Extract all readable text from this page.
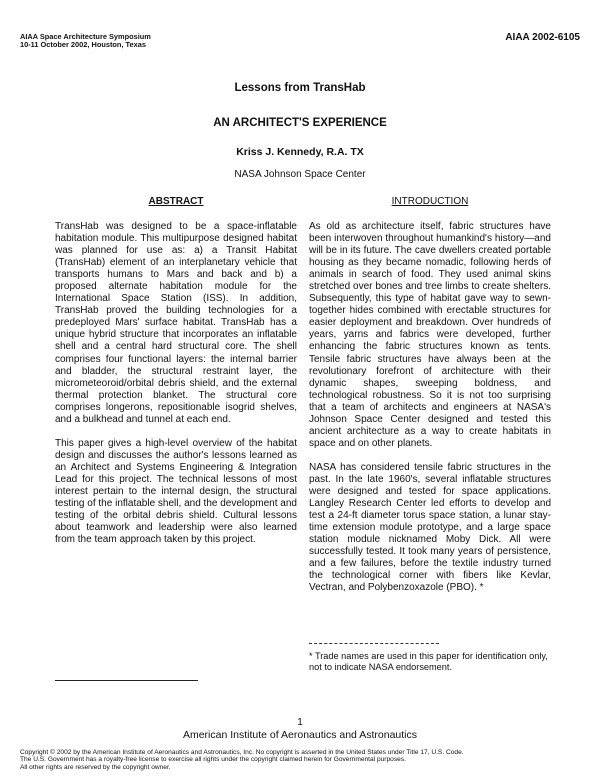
AIAA Space Architecture Symposium
10-11 October 2002, Houston, Texas
AIAA 2002-6105
Lessons from TransHab
AN ARCHITECT'S EXPERIENCE
Kriss J. Kennedy, R.A. TX
NASA Johnson Space Center
ABSTRACT

TransHab was designed to be a space-inflatable habitation module. This multipurpose designed habitat was planned for use as: a) a Transit Habitat (TransHab) element of an interplanetary vehicle that transports humans to Mars and back and b) a proposed alternate habitation module for the International Space Station (ISS). In addition, TransHab proved the building technologies for a predeployed Mars' surface habitat. TransHab has a unique hybrid structure that incorporates an inflatable shell and a central hard structural core. The shell comprises four functional layers: the internal barrier and bladder, the structural restraint layer, the micrometeoroid/orbital debris shield, and the external thermal protection blanket. The structural core comprises longerons, repositionable isogrid shelves, and a bulkhead and tunnel at each end.

This paper gives a high-level overview of the habitat design and discusses the author's lessons learned as an Architect and Systems Engineering & Integration Lead for this project. The technical lessons of most interest pertain to the internal design, the structural testing of the inflatable shell, and the development and testing of the orbital debris shield. Cultural lessons about teamwork and leadership were also learned from the team approach taken by this project.

INTRODUCTION

As old as architecture itself, fabric structures have been interwoven throughout humankind's history—and will be in its future. The cave dwellers created portable housing as they became nomadic, following herds of animals in search of food. They used animal skins stretched over bones and tree limbs to create shelters. Subsequently, this type of habitat gave way to sewn-together hides combined with erectable structures for easier deployment and breakdown. Over hundreds of years, yarns and fabrics were developed, further enhancing the fabric structures known as tents. Tensile fabric structures have always been at the revolutionary forefront of architecture with their dynamic shapes, sweeping boldness, and technological robustness. So it is not too surprising that a team of architects and engineers at NASA's Johnson Space Center designed and tested this ancient architecture as a way to create habitats in space and on other planets.

NASA has considered tensile fabric structures in the past. In the late 1960's, several inflatable structures were designed and tested for space applications. Langley Research Center led efforts to develop and test a 24-ft diameter torus space station, a lunar stay-time extension module prototype, and a large space station module nicknamed Moby Dick. All were successfully tested. It took many years of persistence, and a few failures, before the textile industry turned the technological corner with fibers like Kevlar, Vectran, and Polybenzoxazole (PBO). *

* Trade names are used in this paper for identification only, not to indicate NASA endorsement.
1
American Institute of Aeronautics and Astronautics
Copyright © 2002 by the American Institute of Aeronautics and Astronautics, Inc. No copyright is asserted in the United States under Title 17, U.S. Code.
The U.S. Government has a royalty-free license to exercise all rights under the copyright claimed herein for Governmental purposes.
All other rights are reserved by the copyright owner.
